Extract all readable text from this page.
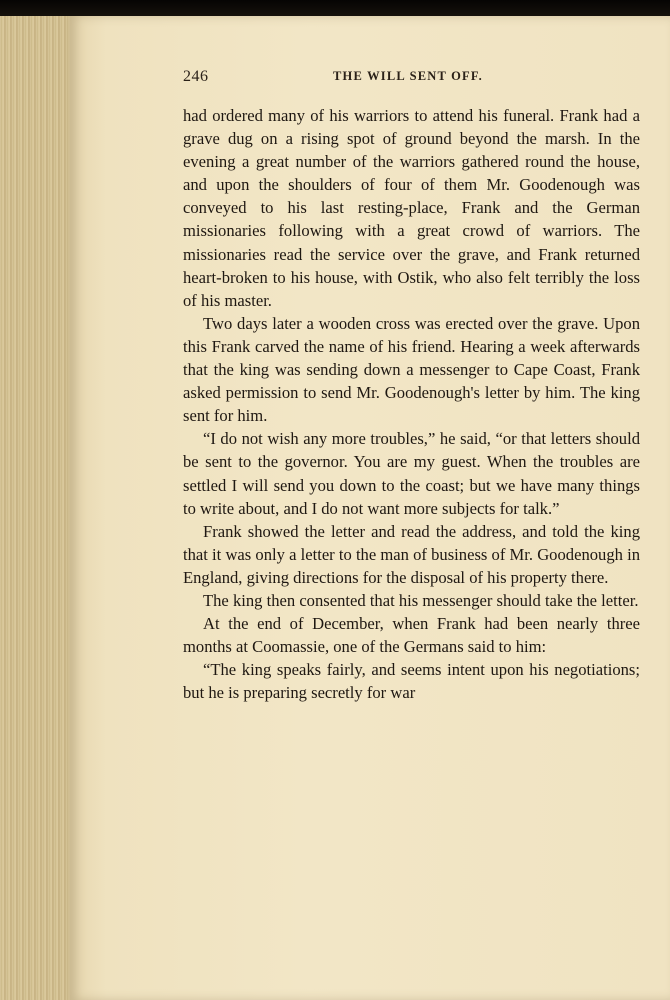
246	THE WILL SENT OFF.

had ordered many of his warriors to attend his funeral. Frank had a grave dug on a rising spot of ground beyond the marsh. In the evening a great number of the warriors gathered round the house, and upon the shoulders of four of them Mr. Goodenough was conveyed to his last resting-place, Frank and the German missionaries following with a great crowd of warriors. The missionaries read the service over the grave, and Frank returned heart-broken to his house, with Ostik, who also felt terribly the loss of his master.

Two days later a wooden cross was erected over the grave. Upon this Frank carved the name of his friend. Hearing a week afterwards that the king was sending down a messenger to Cape Coast, Frank asked permission to send Mr. Goodenough's letter by him. The king sent for him.

“I do not wish any more troubles,” he said, “or that letters should be sent to the governor. You are my guest. When the troubles are settled I will send you down to the coast; but we have many things to write about, and I do not want more subjects for talk.”

Frank showed the letter and read the address, and told the king that it was only a letter to the man of business of Mr. Goodenough in England, giving directions for the disposal of his property there.

The king then consented that his messenger should take the letter.

At the end of December, when Frank had been nearly three months at Coomassie, one of the Germans said to him:

“The king speaks fairly, and seems intent upon his negotiations; but he is preparing secretly for war
